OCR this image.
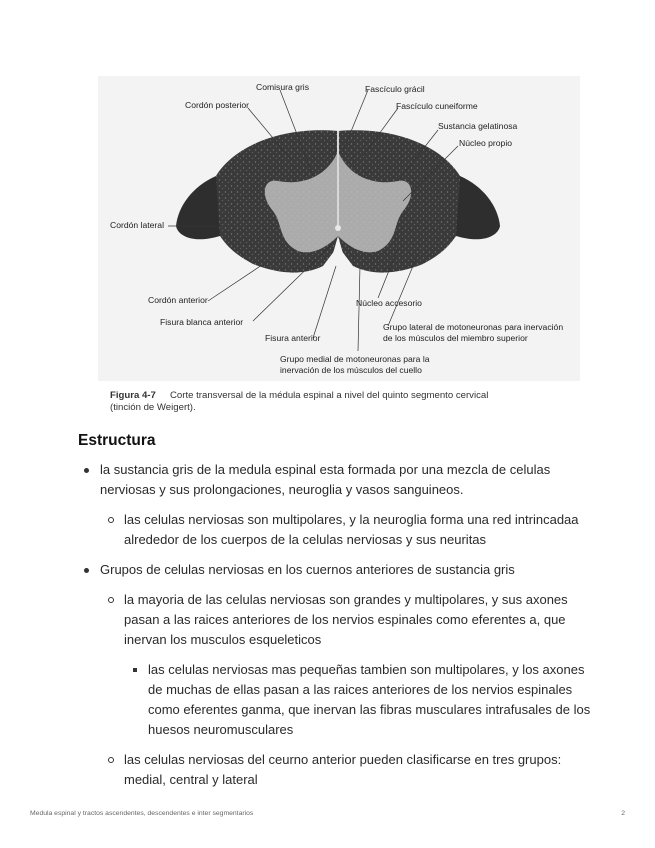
Comisura gris	Fascículo grácil
Cordón posterior	Fascículo cuneiforme
Sustancia gelatinosa
Núcleo propio
Cordón lateral
Cordón anterior	Núcleo accesorio
Fisura blanca anterior	Grupo lateral de motoneuronas para inervación
de los músculos del miembro superior
Fisura anterior
Grupo medial de motoneuronas para la
inervación de los músculos del cuello
Figura 4-7 Corte transversal de la médula espinal a nivel del quinto segmento cervical
(tinción de Weigert).
Estructura
la sustancia gris de la medula espinal esta formada por una mezcla de celulas nerviosas y sus prolongaciones, neuroglia y vasos sanguineos.
las celulas nerviosas son multipolares, y la neuroglia forma una red intrincadaa alrededor de los cuerpos de la celulas nerviosas y sus neuritas
Grupos de celulas nerviosas en los cuernos anteriores de sustancia gris
la mayoria de las celulas nerviosas son grandes y multipolares, y sus axones pasan a las raices anteriores de los nervios espinales como eferentes a, que inervan los musculos esqueleticos
las celulas nerviosas mas pequeñas tambien son multipolares, y los axones de muchas de ellas pasan a las raices anteriores de los nervios espinales como eferentes ganma, que inervan las fibras musculares intrafusales de los huesos neuromusculares
las celulas nerviosas del ceurno anterior pueden clasificarse en tres grupos: medial, central y lateral
Medula espinal y tractos ascendentes, descendentes e inter segmentarios	2
